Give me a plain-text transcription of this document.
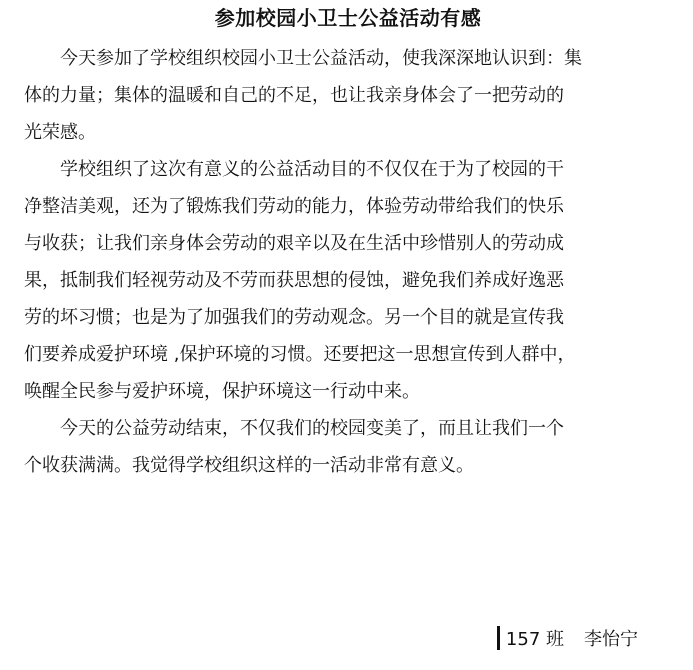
参加校园小卫士公益活动有感
今天参加了学校组织校园小卫士公益活动，使我深深地认识到：集
体的力量；集体的温暖和自己的不足，也让我亲身体会了一把劳动的
光荣感。
学校组织了这次有意义的公益活动目的不仅仅在于为了校园的干
净整洁美观，还为了锻炼我们劳动的能力，体验劳动带给我们的快乐
与收获；让我们亲身体会劳动的艰辛以及在生活中珍惜别人的劳动成
果，抵制我们轻视劳动及不劳而获思想的侵蚀，避免我们养成好逸恶
劳的坏习惯；也是为了加强我们的劳动观念。另一个目的就是宣传我
们要养成爱护环境 ,保护环境的习惯。还要把这一思想宣传到人群中，
唤醒全民参与爱护环境，保护环境这一行动中来。
今天的公益劳动结束，不仅我们的校园变美了，而且让我们一个
个收获满满。我觉得学校组织这样的一活动非常有意义。
157 班 李怡宁
